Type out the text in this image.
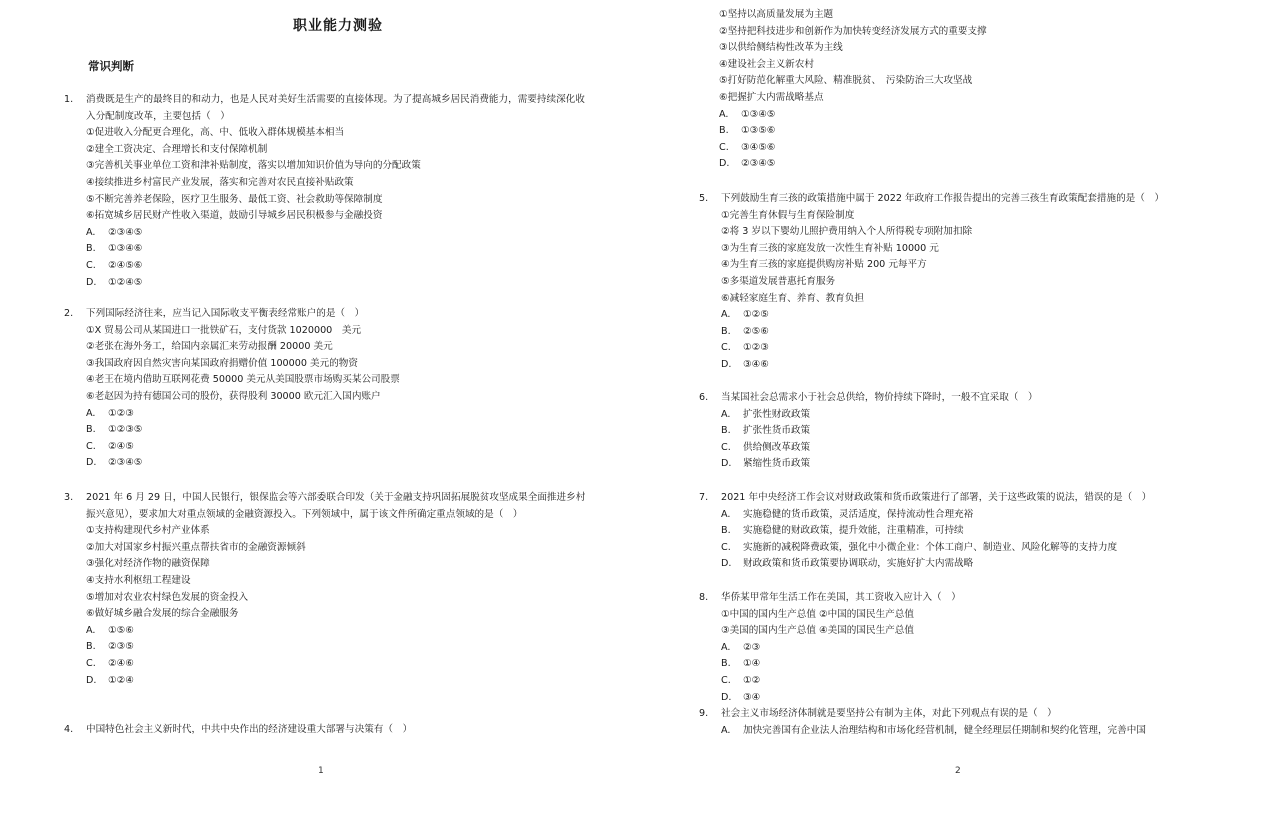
职业能力测验
常识判断
1.	消费既是生产的最终目的和动力，也是人民对美好生活需要的直接体现。为了提高城乡居民消费能力，需要持续深化收入分配制度改革，主要包括（　）
①促进收入分配更合理化，高、中、低收入群体规模基本相当
②建全工资决定、合理增长和支付保障机制
③完善机关事业单位工资和津补贴制度，落实以增加知识价值为导向的分配政策
④接续推进乡村富民产业发展，落实和完善对农民直接补贴政策
⑤不断完善养老保险，医疗卫生服务、最低工资、社会救助等保障制度
⑥拓宽城乡居民财产性收入渠道，鼓励引导城乡居民积极参与金融投资
A.	②③④⑤
B.	①③④⑥
C.	②④⑤⑥
D.	①②④⑤
2.	下列国际经济往来，应当记入国际收支平衡表经常账户的是（　）
①X 贸易公司从某国进口一批铁矿石，支付货款 1020000　美元
②老张在海外务工，给国内亲属汇来劳动报酬 20000 美元
③我国政府因自然灾害向某国政府捐赠价值 100000 美元的物资
④老王在境内借助互联网花费 50000 美元从美国股票市场购买某公司股票
⑥老赵因为持有德国公司的股份，获得股利 30000 欧元汇入国内账户
A.	①②③
B.	①②③⑤
C.	②④⑤
D.	②③④⑤
3.	2021 年 6 月 29 日，中国人民银行，银保监会等六部委联合印发（关于金融支持巩固拓展脱贫攻坚成果全面推进乡村振兴意见），要求加大对重点领域的金融资源投入。下列领域中，属于该文件所确定重点领域的是（　）
①支持构建现代乡村产业体系
②加大对国家乡村振兴重点帮扶省市的金融资源倾斜
③强化对经济作物的融资保障
④支持水利枢纽工程建设
⑤增加对农业农村绿色发展的资金投入
⑥做好城乡融合发展的综合金融服务
A.	①⑤⑥
B.	②③⑤
C.	②④⑥
D.	①②④
4.	中国特色社会主义新时代，中共中央作出的经济建设重大部署与决策有（　）
1
①坚持以高质量发展为主题
②坚持把科技进步和创新作为加快转变经济发展方式的重要支撑
③以供给侧结构性改革为主线
④建设社会主义新农村
⑤打好防范化解重大风险、精准脱贫、　污染防治三大攻坚战
⑥把握扩大内需战略基点
A.	①③④⑤
B.	①③⑤⑥
C.	③④⑤⑥
D.	②③④⑤
5.	下列鼓励生育三孩的政策措施中属于 2022 年政府工作报告提出的完善三孩生育政策配套措施的是（　）
①完善生育休假与生育保险制度
②将 3 岁以下婴幼儿照护费用纳入个人所得税专项附加扣除
③为生育三孩的家庭发放一次性生育补贴 10000 元
④为生育三孩的家庭提供购房补贴 200 元每平方
⑤多渠道发展普惠托育服务
⑥减轻家庭生育、养育、教育负担
A.	①②⑤
B.	②⑤⑥
C.	①②③
D.	③④⑥
6.	当某国社会总需求小于社会总供给，物价持续下降时，一般不宜采取（　）
A.	扩张性财政政策
B.	扩张性货币政策
C.	供给侧改革政策
D.	紧缩性货币政策
7.	2021 年中央经济工作会议对财政政策和货币政策进行了部署，关于这些政策的说法，错误的是（　）
A.	实施稳健的货币政策，灵活适度，保持流动性合理充裕
B.	实施稳健的财政政策，提升效能，注重精准，可持续
C.	实施新的减税降费政策，强化中小微企业：个体工商户、制造业、风险化解等的支持力度
D.	财政政策和货币政策要协调联动，实施好扩大内需战略
8.	华侨某甲常年生活工作在美国，其工资收入应计入（　）
①中国的国内生产总值 ②中国的国民生产总值
③美国的国内生产总值 ④美国的国民生产总值
A.	②③
B.	①④
C.	①②
D.	③④
9.	社会主义市场经济体制就是要坚持公有制为主体，对此下列观点有误的是（　）
A.	加快完善国有企业法人治理结构和市场化经营机制，健全经理层任期制和契约化管理，完善中国
2
